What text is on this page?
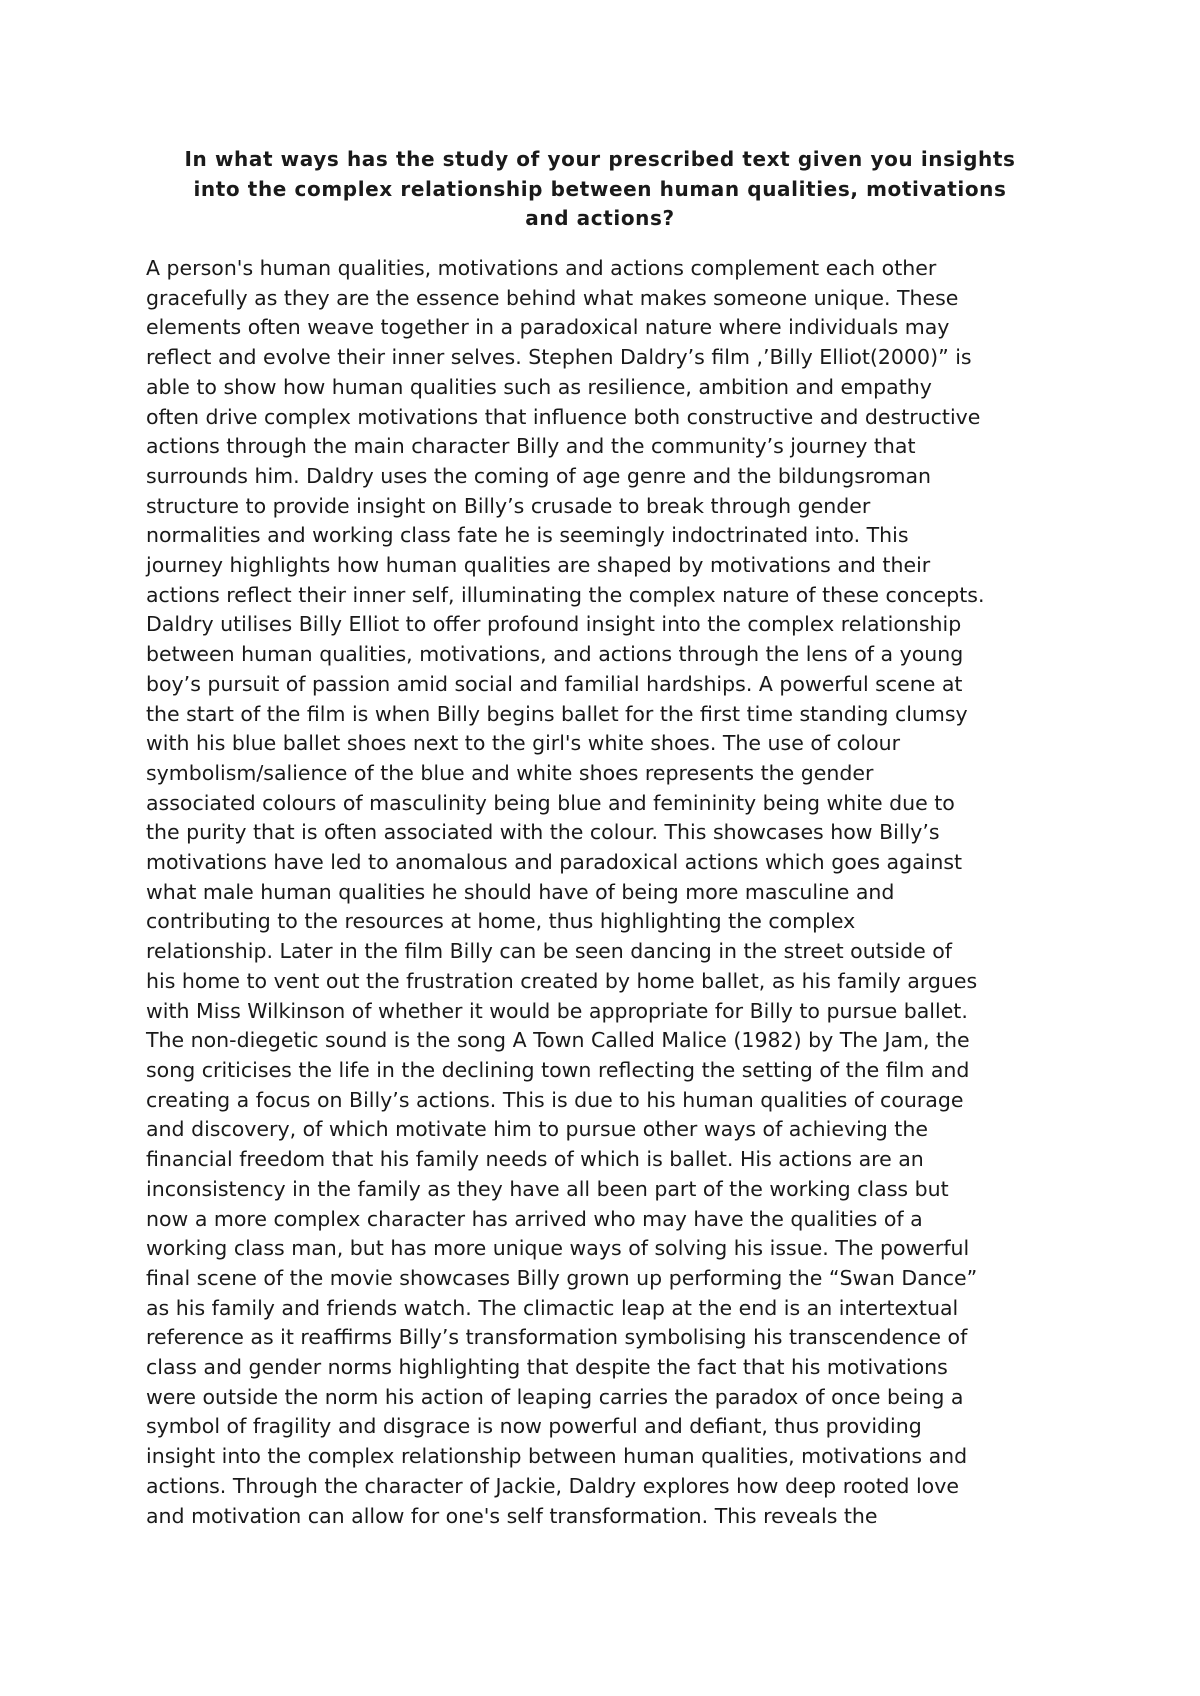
In what ways has the study of your prescribed text given you insights
into the complex relationship between human qualities, motivations
and actions?
A person's human qualities, motivations and actions complement each other
gracefully as they are the essence behind what makes someone unique. These
elements often weave together in a paradoxical nature where individuals may
reflect and evolve their inner selves. Stephen Daldry’s film ,’Billy Elliot(2000)” is
able to show how human qualities such as resilience, ambition and empathy
often drive complex motivations that influence both constructive and destructive
actions through the main character Billy and the community’s journey that
surrounds him. Daldry uses the coming of age genre and the bildungsroman
structure to provide insight on Billy’s crusade to break through gender
normalities and working class fate he is seemingly indoctrinated into. This
journey highlights how human qualities are shaped by motivations and their
actions reflect their inner self, illuminating the complex nature of these concepts.
Daldry utilises Billy Elliot to offer profound insight into the complex relationship
between human qualities, motivations, and actions through the lens of a young
boy’s pursuit of passion amid social and familial hardships. A powerful scene at
the start of the film is when Billy begins ballet for the first time standing clumsy
with his blue ballet shoes next to the girl's white shoes. The use of colour
symbolism/salience of the blue and white shoes represents the gender
associated colours of masculinity being blue and femininity being white due to
the purity that is often associated with the colour. This showcases how Billy’s
motivations have led to anomalous and paradoxical actions which goes against
what male human qualities he should have of being more masculine and
contributing to the resources at home, thus highlighting the complex
relationship. Later in the film Billy can be seen dancing in the street outside of
his home to vent out the frustration created by home ballet, as his family argues
with Miss Wilkinson of whether it would be appropriate for Billy to pursue ballet.
The non-diegetic sound is the song A Town Called Malice (1982) by The Jam, the
song criticises the life in the declining town reflecting the setting of the film and
creating a focus on Billy’s actions. This is due to his human qualities of courage
and discovery, of which motivate him to pursue other ways of achieving the
financial freedom that his family needs of which is ballet. His actions are an
inconsistency in the family as they have all been part of the working class but
now a more complex character has arrived who may have the qualities of a
working class man, but has more unique ways of solving his issue. The powerful
final scene of the movie showcases Billy grown up performing the “Swan Dance”
as his family and friends watch. The climactic leap at the end is an intertextual
reference as it reaffirms Billy’s transformation symbolising his transcendence of
class and gender norms highlighting that despite the fact that his motivations
were outside the norm his action of leaping carries the paradox of once being a
symbol of fragility and disgrace is now powerful and defiant, thus providing
insight into the complex relationship between human qualities, motivations and
actions. Through the character of Jackie, Daldry explores how deep rooted love
and motivation can allow for one's self transformation. This reveals the
